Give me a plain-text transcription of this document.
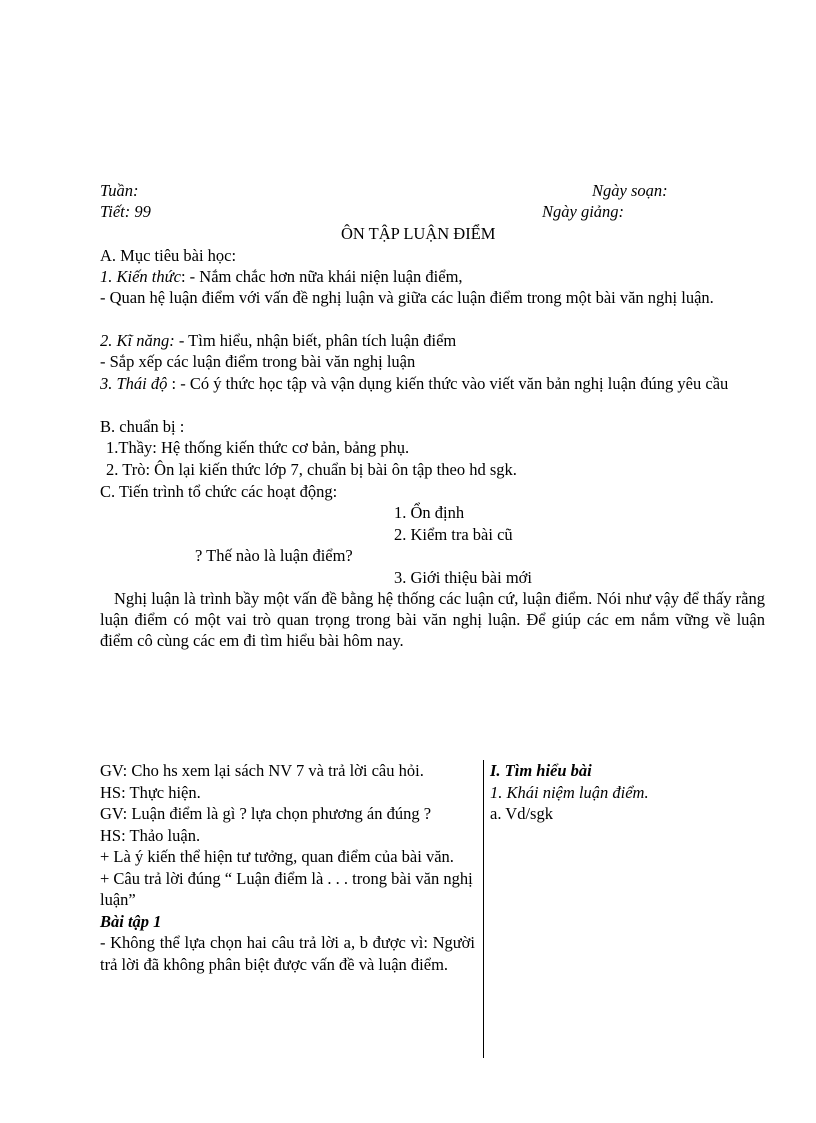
Tuần:	Ngày soạn:
Tiết: 99	Ngày giảng:
ÔN TẬP LUẬN ĐIỂM
A. Mục tiêu bài học:
1. Kiến thức: - Nắm chắc hơn nữa khái niện luận điểm,
- Quan hệ luận điểm với vấn đề nghị luận và giữa các luận điểm trong một bài văn nghị luận.
2. Kĩ năng: - Tìm hiểu, nhận biết, phân tích luận điểm
- Sắp xếp các luận điểm trong bài văn nghị luận
3. Thái độ : - Có ý thức học tập và vận dụng kiến thức vào viết văn bản nghị luận đúng yêu cầu
B. chuẩn bị :
1.Thầy: Hệ thống kiến thức cơ bản, bảng phụ.
2. Trò: Ôn lại kiến thức lớp 7, chuẩn bị bài ôn tập theo hd sgk.
C. Tiến trình tổ chức các hoạt động:
1. Ổn định
2. Kiểm tra bài cũ
? Thế nào là luận điểm?
3. Giới thiệu bài mới
Nghị luận là trình bầy một vấn đề bằng hệ thống các luận cứ, luận điểm. Nói như vậy để thấy rằng luận điểm có một vai trò quan trọng trong bài văn nghị luận. Để giúp các em nắm vững về luận điểm cô cùng các em đi tìm hiểu bài hôm nay.
GV: Cho hs xem lại sách NV 7 và trả lời câu hỏi.
HS: Thực hiện.
GV: Luận điểm là gì ? lựa chọn phương án đúng ?
HS: Thảo luận.
+ Là ý kiến thể hiện tư tưởng, quan điểm của bài văn.
+ Câu trả lời đúng “ Luận điểm là . . . trong bài văn nghị luận”
Bài tập 1
- Không thể lựa chọn hai câu trả lời a, b được vì: Người trả lời đã không phân biệt được vấn đề và luận điểm.
I. Tìm hiểu bài
1. Khái niệm luận điểm.
a. Vd/sgk
